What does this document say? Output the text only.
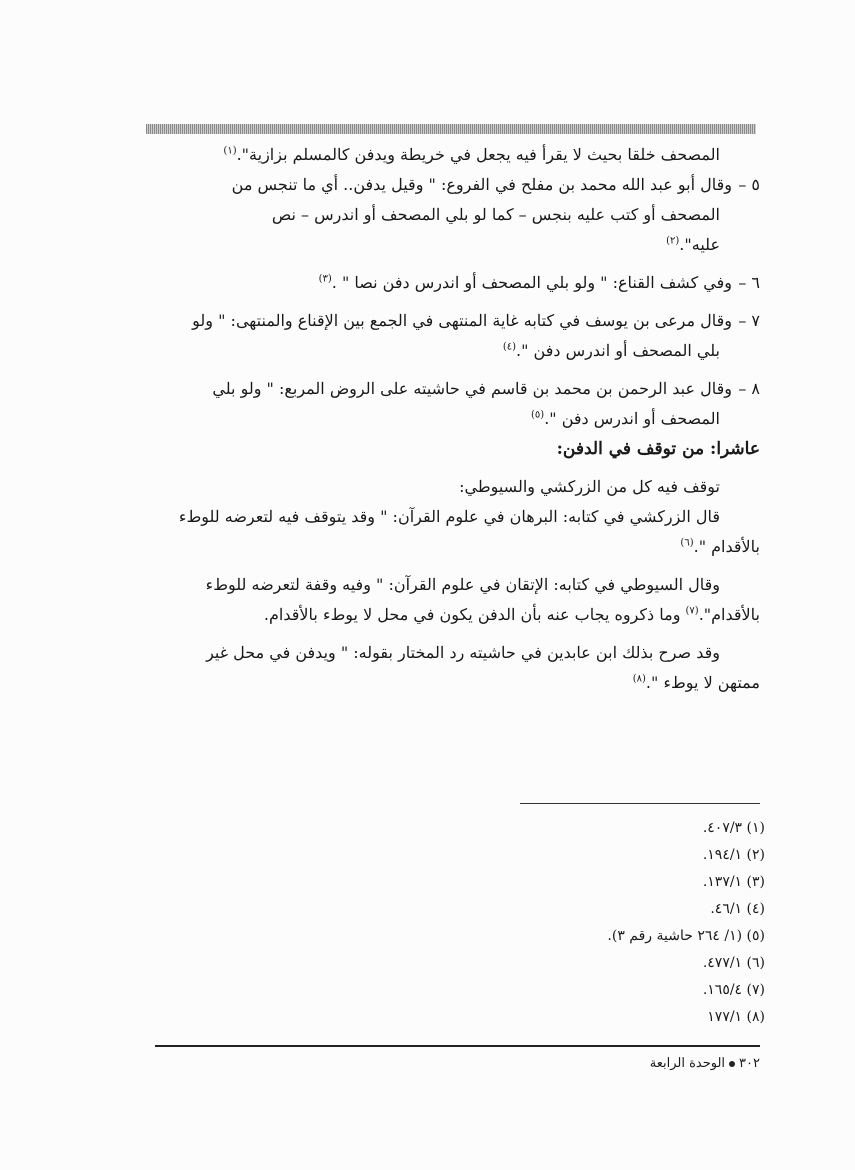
المصحف خلقا بحيث لا يقرأ فيه يجعل في خريطة ويدفن كالمسلم بزازية".$^{(١)}$
٥ –وقال أبو عبد الله محمد بن مفلح في الفروع: " وقيل يدفن.. أي ما تنجس من
المصحف أو كتب عليه بنجس – كما لو بلي المصحف أو اندرس – نص
عليه".$^{(٢)}$
٦ –وفي كشف القناع: " ولو بلي المصحف أو اندرس دفن نصا " .$^{(٣)}$
٧ –وقال مرعى بن يوسف في كتابه غاية المنتهى في الجمع بين الإقناع والمنتهى: " ولو
بلي المصحف أو اندرس دفن ".$^{(٤)}$
٨ –وقال عبد الرحمن بن محمد بن قاسم في حاشيته على الروض المربع: " ولو بلي
المصحف أو اندرس دفن ".$^{(٥)}$
عاشرا: من توقف في الدفن:
توقف فيه كل من الزركشي والسيوطي:
قال الزركشي في كتابه: البرهان في علوم القرآن: " وقد يتوقف فيه لتعرضه للوطء
بالأقدام ".$^{(٦)}$
وقال السيوطي في كتابه: الإتقان في علوم القرآن: " وفيه وقفة لتعرضه للوطء
بالأقدام".$^{(٧)}$ وما ذكروه يجاب عنه بأن الدفن يكون في محل لا يوطء بالأقدام.
وقد صرح بذلك ابن عابدين في حاشيته رد المختار بقوله: " ويدفن في محل غير
ممتهن لا يوطء ".$^{(٨)}$
(١) ٤٠٧/٣.
(٢) ١٩٤/١.
(٣) ١٣٧/١.
(٤) ٤٦/١.
(٥) (١/ ٢٦٤ حاشية رقم ٣).
(٦) ٤٧٧/١.
(٧) ١٦٥/٤.
(٨) ١٧٧/١
٣٠٢الوحدة الرابعة
